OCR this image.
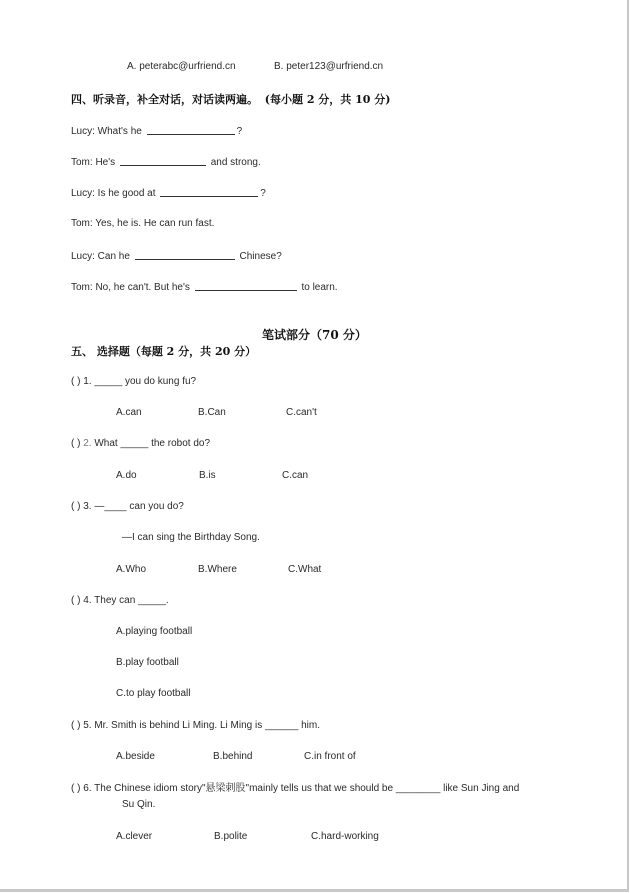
A. peterabc@urfriend.cn	B. peter123@urfriend.cn
四、听录音，补全对话，对话读两遍。 (每小题 2 分，共 10 分)
Lucy: What's he	?
Tom: He's	and strong.
Lucy: Is he good at	?
Tom: Yes, he is. He can run fast.
Lucy: Can he	Chinese?
Tom: No, he can't. But he's	to learn.
笔试部分（70 分）
五、 选择题（每题 2 分，共 20 分）
( ) 1. _____ you do kung fu?
A.can	B.Can	C.can't
( ) 2. What _____ the robot do?
A.do	B.is	C.can
( ) 3. —____ can you do?
—I can sing the Birthday Song.
A.Who	B.Where	C.What
( ) 4. They can _____.
A.playing football
B.play football
C.to play football
( ) 5. Mr. Smith is behind Li Ming. Li Ming is ______ him.
A.beside	B.behind	C.in front of
( ) 6. The Chinese idiom story"悬梁刺股"mainly tells us that we should be ________ like Sun Jing and
Su Qin.
A.clever	B.polite	C.hard-working
